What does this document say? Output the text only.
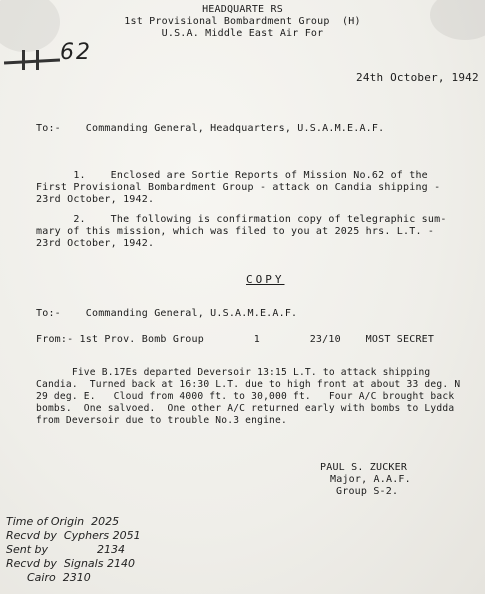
HEADQUARTE RS
1st Provisional Bombardment Group  (H)
U.S.A. Middle East Air For
62
24th October, 1942
To:-    Commanding General, Headquarters, U.S.A.M.E.A.F.
1.    Enclosed are Sortie Reports of Mission No.62 of the
First Provisional Bombardment Group - attack on Candia shipping -
23rd October, 1942.
2.    The following is confirmation copy of telegraphic sum-
mary of this mission, which was filed to you at 2025 hrs. L.T. -
23rd October, 1942.
COPY
To:-    Commanding General, U.S.A.M.E.A.F.
From:- 1st Prov. Bomb Group        1        23/10    MOST SECRET
Five B.17Es departed Deversoir 13:15 L.T. to attack shipping
Candia.  Turned back at 16:30 L.T. due to high front at about 33 deg. N
29 deg. E.   Cloud from 4000 ft. to 30,000 ft.   Four A/C brought back
bombs.  One salvoed.  One other A/C returned early with bombs to Lydda
from Deversoir due to trouble No.3 engine.
PAUL S. ZUCKER
Major, A.A.F.
Group S-2.
Time of Origin  2025
Recvd by  Cyphers 2051
Sent by              2134
Recvd by  Signals 2140
Cairo  2310
